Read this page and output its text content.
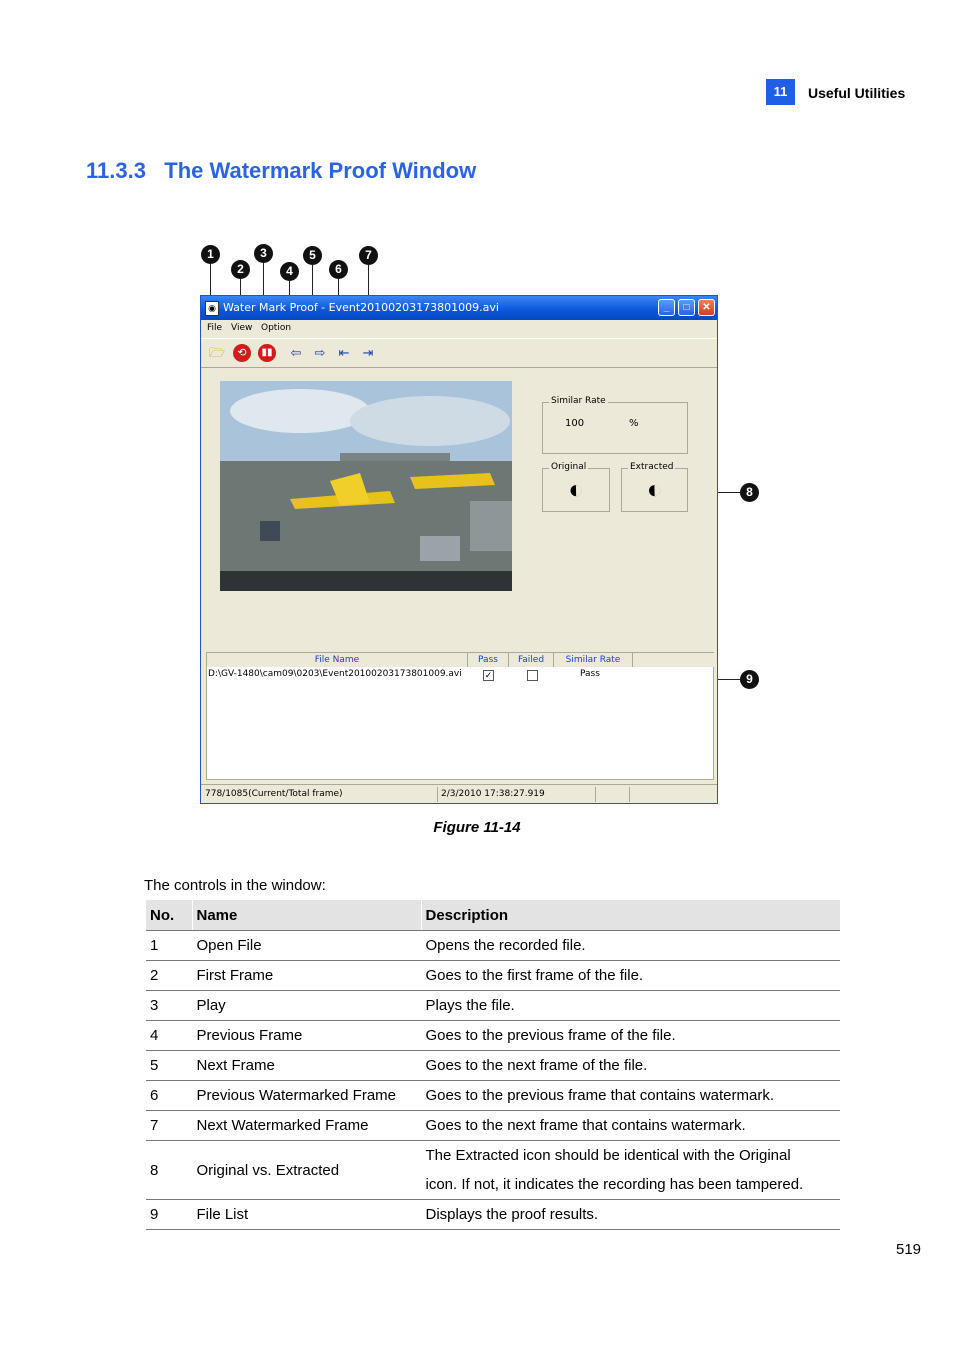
11	Useful Utilities
11.3.3 The Watermark Proof Window
1
2
3
4
5
6
7
8
9
◉ Water Mark Proof - Event20100203173801009.avi	_	□	✕
File View Option
🗁	⟲	▮▮ ⇦ ⇨ ⇤ ⇥
Similar Rate
100	%
Original
◐
Extracted
◐
File Name	Pass	Failed	Similar Rate
D:\GV-1480\cam09\0203\Event20100203173801009.avi	✓	Pass
778/1085(Current/Total frame)	2/3/2010 17:38:27.919
Figure 11-14
The controls in the window:
No.	Name	Description
1	Open File	Opens the recorded file.
2	First Frame	Goes to the first frame of the file.
3	Play	Plays the file.
4	Previous Frame	Goes to the previous frame of the file.
5	Next Frame	Goes to the next frame of the file.
6	Previous Watermarked Frame	Goes to the previous frame that contains watermark.
7	Next Watermarked Frame	Goes to the next frame that contains watermark.
8	Original vs. Extracted	The Extracted icon should be identical with the Original
icon. If not, it indicates the recording has been tampered.

9	File List	Displays the proof results.
519
